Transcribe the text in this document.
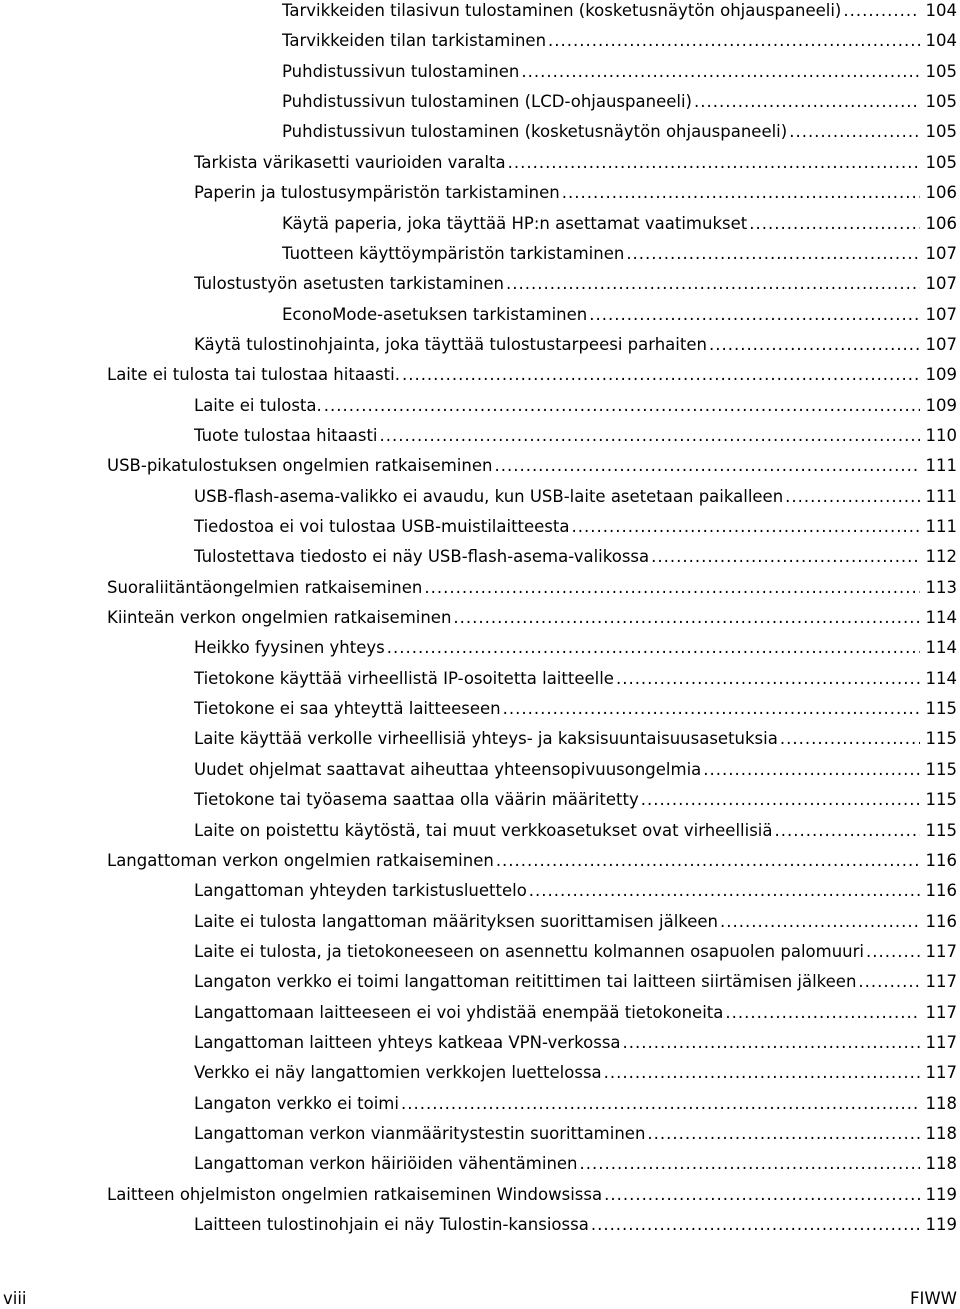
Tarvikkeiden tilasivun tulostaminen (kosketusnäytön ohjauspaneeli) .....	104
Tarvikkeiden tilan tarkistaminen .....	104
Puhdistussivun tulostaminen .....	105
Puhdistussivun tulostaminen (LCD-ohjauspaneeli) .....	105
Puhdistussivun tulostaminen (kosketusnäytön ohjauspaneeli) .....	105
Tarkista värikasetti vaurioiden varalta .....	105
Paperin ja tulostusympäristön tarkistaminen .....	106
Käytä paperia, joka täyttää HP:n asettamat vaatimukset .....	106
Tuotteen käyttöympäristön tarkistaminen .....	107
Tulostustyön asetusten tarkistaminen .....	107
EconoMode-asetuksen tarkistaminen .....	107
Käytä tulostinohjainta, joka täyttää tulostustarpeesi parhaiten .....	107
Laite ei tulosta tai tulostaa hitaasti. .....	109
Laite ei tulosta. .....	109
Tuote tulostaa hitaasti .....	110
USB-pikatulostuksen ongelmien ratkaiseminen .....	111
USB-flash-asema-valikko ei avaudu, kun USB-laite asetetaan paikalleen .....	111
Tiedostoa ei voi tulostaa USB-muistilaitteesta .....	111
Tulostettava tiedosto ei näy USB-flash-asema-valikossa .....	112
Suoraliitäntäongelmien ratkaiseminen .....	113
Kiinteän verkon ongelmien ratkaiseminen .....	114
Heikko fyysinen yhteys .....	114
Tietokone käyttää virheellistä IP-osoitetta laitteelle .....	114
Tietokone ei saa yhteyttä laitteeseen .....	115
Laite käyttää verkolle virheellisiä yhteys- ja kaksisuuntaisuusasetuksia .....	115
Uudet ohjelmat saattavat aiheuttaa yhteensopivuusongelmia .....	115
Tietokone tai työasema saattaa olla väärin määritetty .....	115
Laite on poistettu käytöstä, tai muut verkkoasetukset ovat virheellisiä .....	115
Langattoman verkon ongelmien ratkaiseminen .....	116
Langattoman yhteyden tarkistusluettelo .....	116
Laite ei tulosta langattoman määrityksen suorittamisen jälkeen .....	116
Laite ei tulosta, ja tietokoneeseen on asennettu kolmannen osapuolen palomuuri .....	117
Langaton verkko ei toimi langattoman reitittimen tai laitteen siirtämisen jälkeen .....	117
Langattomaan laitteeseen ei voi yhdistää enempää tietokoneita .....	117
Langattoman laitteen yhteys katkeaa VPN-verkossa .....	117
Verkko ei näy langattomien verkkojen luettelossa .....	117
Langaton verkko ei toimi .....	118
Langattoman verkon vianmääritystestin suorittaminen .....	118
Langattoman verkon häiriöiden vähentäminen .....	118
Laitteen ohjelmiston ongelmien ratkaiseminen Windowsissa .....	119
Laitteen tulostinohjain ei näy Tulostin-kansiossa .....	119
viii	FIWW
